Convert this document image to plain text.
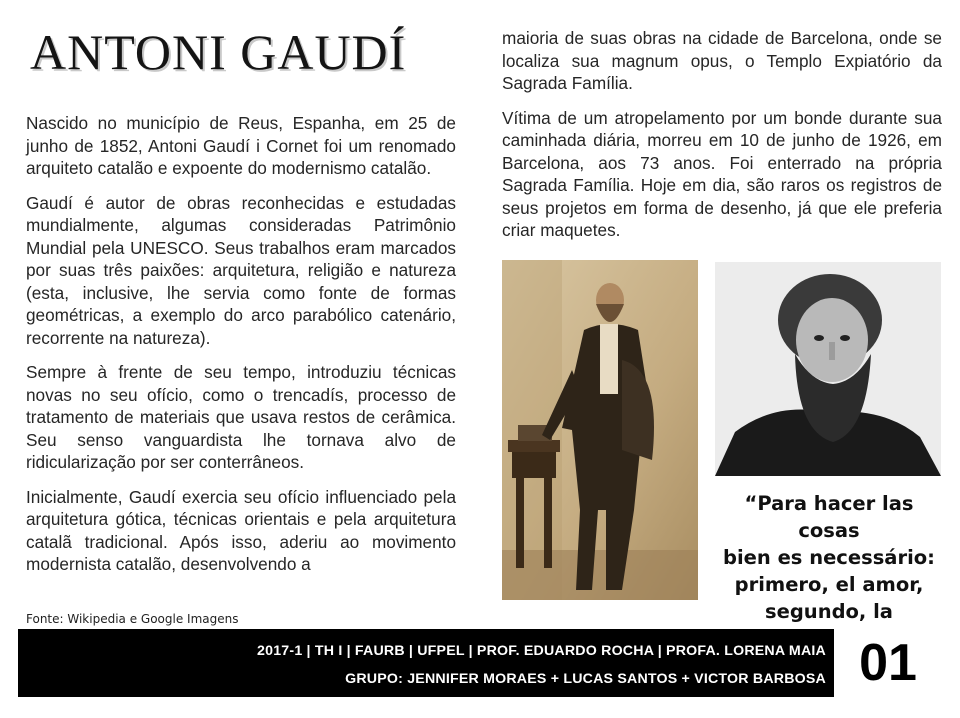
ANTONI GAUDÍ

Nascido no município de Reus, Espanha, em 25 de junho de 1852, Antoni Gaudí i Cornet foi um renomado arquiteto catalão e expoente do modernismo catalão.

Gaudí é autor de obras reconhecidas e estudadas mundialmente, algumas consideradas Patrimônio Mundial pela UNESCO. Seus trabalhos eram marcados por suas três paixões: arquitetura, religião e natureza (esta, inclusive, lhe servia como fonte de formas geométricas, a exemplo do arco parabólico catenário, recorrente na natureza).

Sempre à frente de seu tempo, introduziu técnicas novas no seu ofício, como o trencadís, processo de tratamento de materiais que usava restos de cerâmica. Seu senso vanguardista lhe tornava alvo de ridicularização por ser conterrâneos.

Inicialmente, Gaudí exercia seu ofício influenciado pela arquitetura gótica, técnicas orientais e pela arquitetura catalã tradicional. Após isso, aderiu ao movimento modernista catalão, desenvolvendo a

maioria de suas obras na cidade de Barcelona, onde se localiza sua magnum opus, o Templo Expiatório da Sagrada Família.

Vítima de um atropelamento por um bonde durante sua caminhada diária, morreu em 10 de junho de 1926, em Barcelona, aos 73 anos. Foi enterrado na própria Sagrada Família. Hoje em dia, são raros os registros de seus projetos em forma de desenho, já que ele preferia criar maquetes.

“Para hacer las cosas
bien es necessário:
primero, el amor,
segundo, la
Fonte: Wikipedia e Google Imagens
2017-1 | TH I | FAURB | UFPEL | PROF. EDUARDO ROCHA | PROFA. LORENA MAIA
GRUPO: JENNIFER MORAES + LUCAS SANTOS + VICTOR BARBOSA 01
